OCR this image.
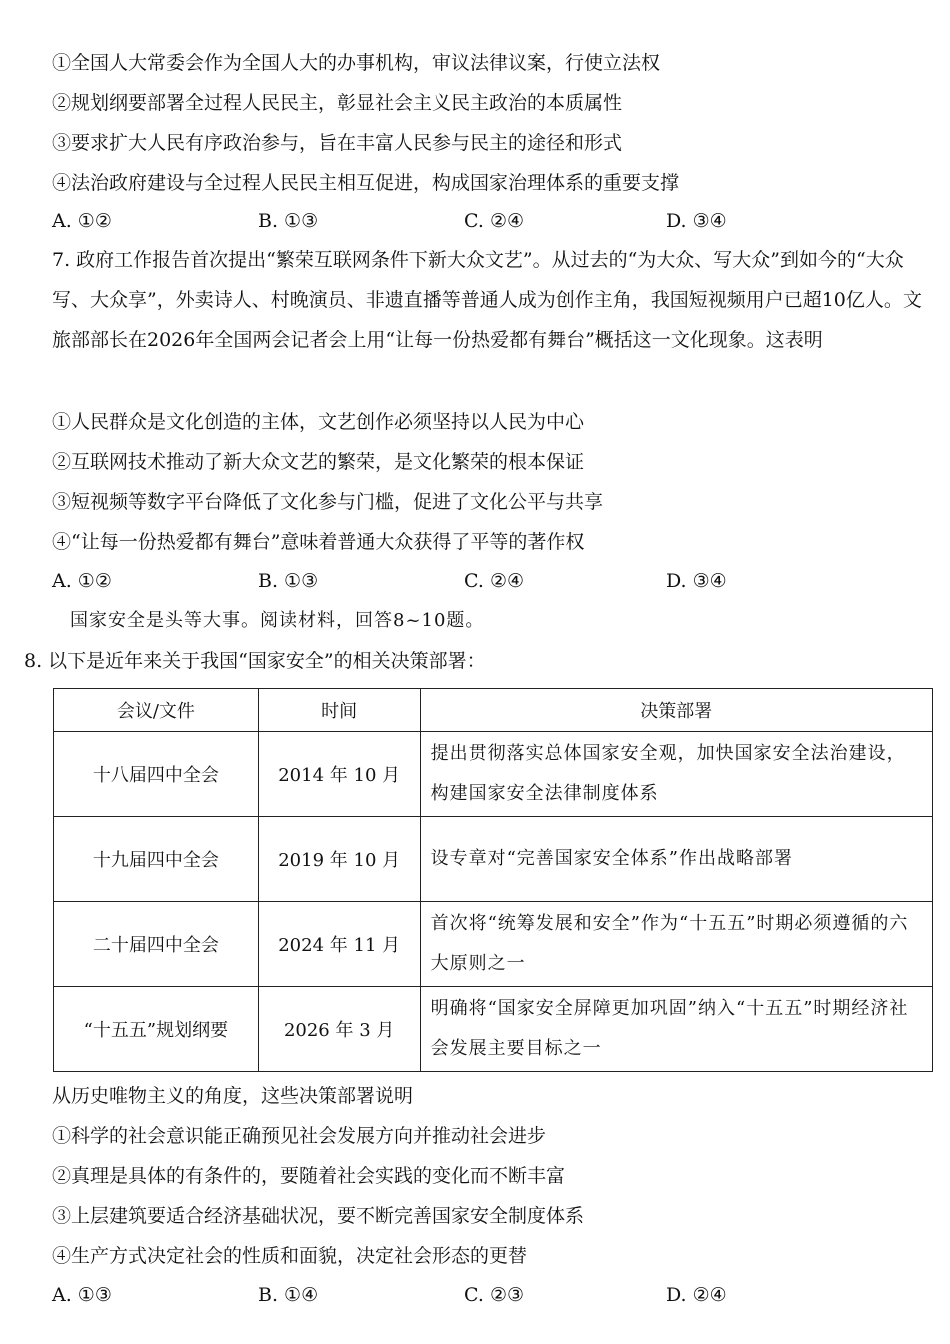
①全国人大常委会作为全国人大的办事机构，审议法律议案，行使立法权
②规划纲要部署全过程人民民主，彰显社会主义民主政治的本质属性
③要求扩大人民有序政治参与，旨在丰富人民参与民主的途径和形式
④法治政府建设与全过程人民民主相互促进，构成国家治理体系的重要支撑
A. ①②	B. ①③	C. ②④	D. ③④
7. 政府工作报告首次提出“繁荣互联网条件下新大众文艺”。从过去的“为大众、写大众”到如今的“大众写、大众享”，外卖诗人、村晚演员、非遗直播等普通人成为创作主角，我国短视频用户已超10亿人。文旅部部长在2026年全国两会记者会上用“让每一份热爱都有舞台”概括这一文化现象。这表明
①人民群众是文化创造的主体，文艺创作必须坚持以人民为中心
②互联网技术推动了新大众文艺的繁荣，是文化繁荣的根本保证
③短视频等数字平台降低了文化参与门槛，促进了文化公平与共享
④“让每一份热爱都有舞台”意味着普通大众获得了平等的著作权
A. ①②	B. ①③	C. ②④	D. ③④
国家安全是头等大事。阅读材料，回答8~10题。
8. 以下是近年来关于我国“国家安全”的相关决策部署：
会议/文件	时间	决策部署
十八届四中全会	2014 年 10 月	提出贯彻落实总体国家安全观，加快国家安全法治建设，构建国家安全法律制度体系
十九届四中全会	2019 年 10 月	设专章对“完善国家安全体系”作出战略部署
二十届四中全会	2024 年 11 月	首次将“统筹发展和安全”作为“十五五”时期必须遵循的六大原则之一
“十五五”规划纲要	2026 年 3 月	明确将“国家安全屏障更加巩固”纳入“十五五”时期经济社会发展主要目标之一
从历史唯物主义的角度，这些决策部署说明
①科学的社会意识能正确预见社会发展方向并推动社会进步
②真理是具体的有条件的，要随着社会实践的变化而不断丰富
③上层建筑要适合经济基础状况，要不断完善国家安全制度体系
④生产方式决定社会的性质和面貌，决定社会形态的更替
A. ①③	B. ①④	C. ②③	D. ②④
